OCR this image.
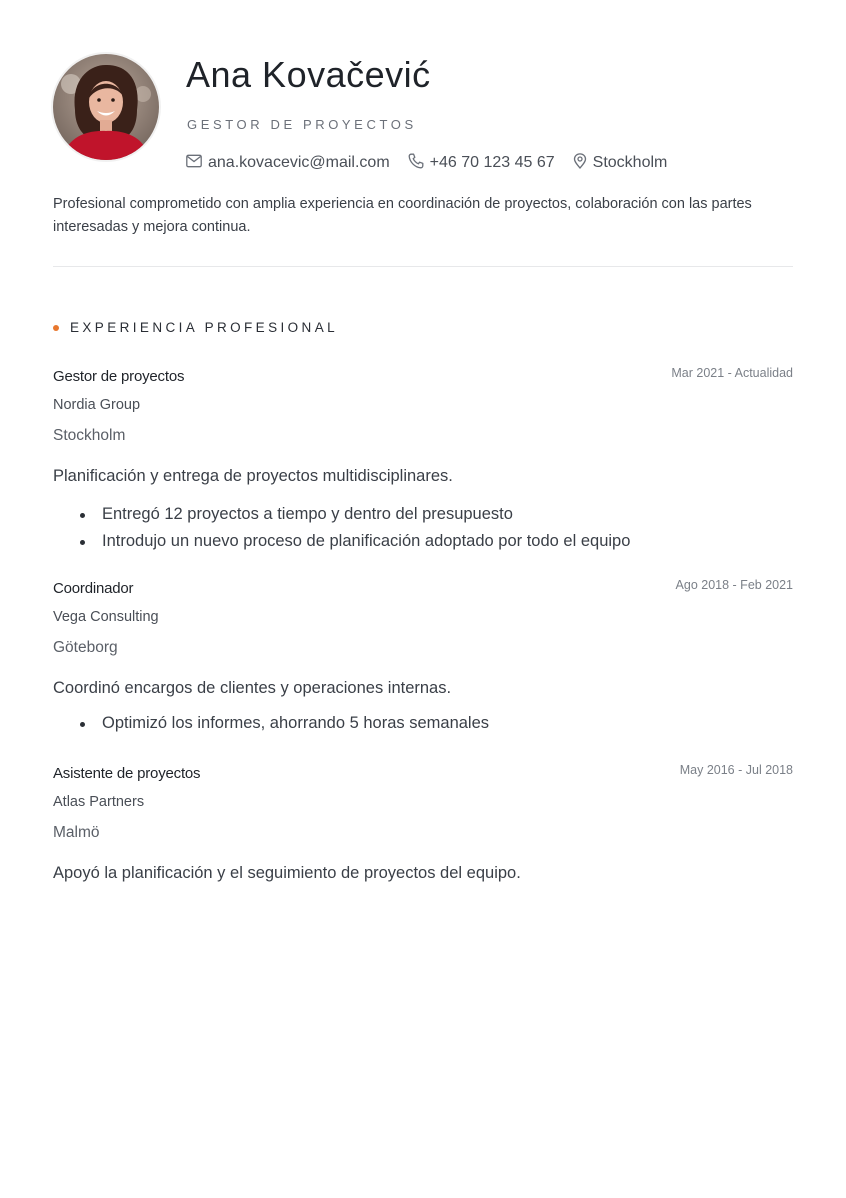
Ana Kovačević
GESTOR DE PROYECTOS
ana.kovacevic@mail.com	+46 70 123 45 67 Stockholm
Profesional comprometido con amplia experiencia en coordinación de proyectos, colaboración con las partes interesadas y mejora continua.
EXPERIENCIA PROFESIONAL
Gestor de proyectos	Mar 2021 - Actualidad
Nordia Group
Stockholm
Planificación y entrega de proyectos multidisciplinares.
Entregó 12 proyectos a tiempo y dentro del presupuesto
Introdujo un nuevo proceso de planificación adoptado por todo el equipo
Coordinador	Ago 2018 - Feb 2021
Vega Consulting
Göteborg
Coordinó encargos de clientes y operaciones internas.
Optimizó los informes, ahorrando 5 horas semanales
Asistente de proyectos	May 2016 - Jul 2018
Atlas Partners
Malmö
Apoyó la planificación y el seguimiento de proyectos del equipo.
